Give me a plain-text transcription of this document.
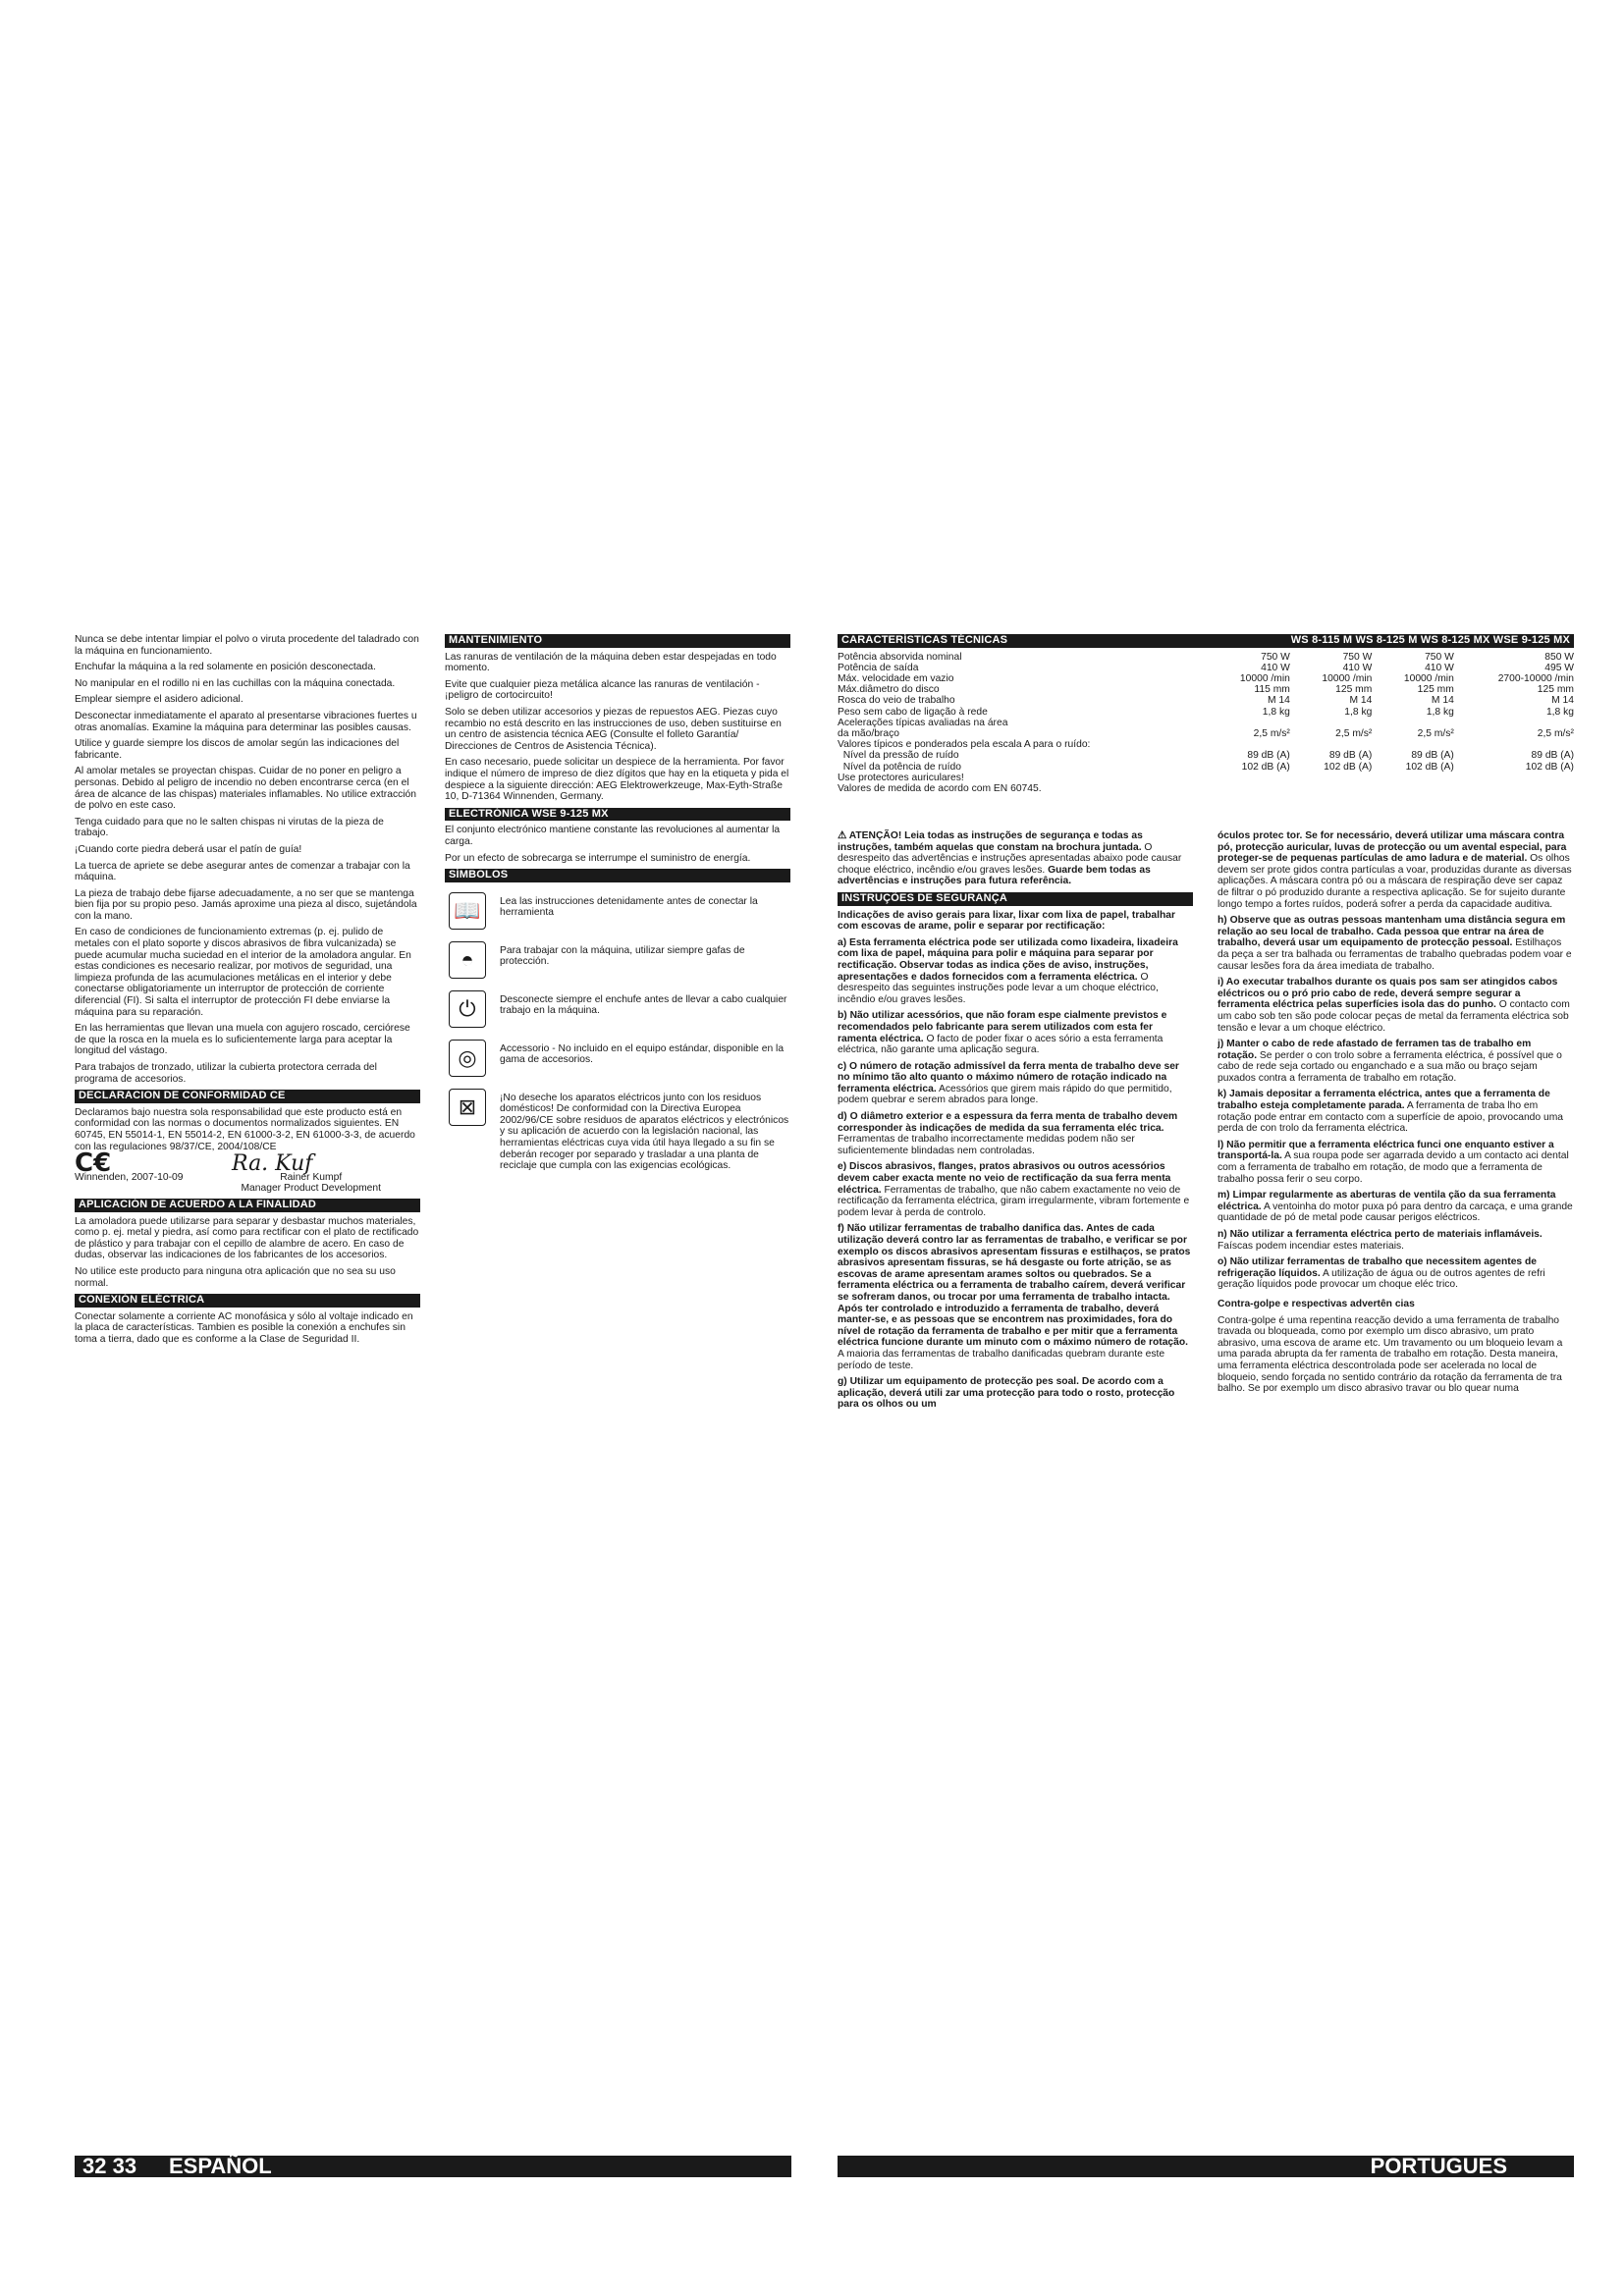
Nunca se debe intentar limpiar el polvo o viruta procedente del taladrado con la máquina en funcionamiento.

Enchufar la máquina a la red solamente en posición desconectada.

No manipular en el rodillo ni en las cuchillas con la máquina conectada.

Emplear siempre el asidero adicional.

Desconectar inmediatamente el aparato al presentarse vibraciones fuertes u otras anomalías. Examine la máquina para determinar las posibles causas.

Utilice y guarde siempre los discos de amolar según las indicaciones del fabricante.

Al amolar metales se proyectan chispas. Cuidar de no poner en peligro a personas. Debido al peligro de incendio no deben encontrarse cerca (en el área de alcance de las chispas) materiales inflamables. No utilice extracción de polvo en este caso.

Tenga cuidado para que no le salten chispas ni virutas de la pieza de trabajo.

¡Cuando corte piedra deberá usar el patín de guía!

La tuerca de apriete se debe asegurar antes de comenzar a trabajar con la máquina.

La pieza de trabajo debe fijarse adecuadamente, a no ser que se mantenga bien fija por su propio peso. Jamás aproxime una pieza al disco, sujetándola con la mano.

En caso de condiciones de funcionamiento extremas (p. ej. pulido de metales con el plato soporte y discos abrasivos de fibra vulcanizada) se puede acumular mucha suciedad en el interior de la amoladora angular. En estas condiciones es necesario realizar, por motivos de seguridad, una limpieza profunda de las acumulaciones metálicas en el interior y debe conectarse obligatoriamente un interruptor de protección de corriente diferencial (FI). Si salta el interruptor de protección FI debe enviarse la máquina para su reparación.

En las herramientas que llevan una muela con agujero roscado, cerciórese de que la rosca en la muela es lo suficientemente larga para aceptar la longitud del vástago.

Para trabajos de tronzado, utilizar la cubierta protectora cerrada del programa de accesorios.

DECLARACION DE CONFORMIDAD CE

Declaramos bajo nuestra sola responsabilidad que este producto está en conformidad con las normas o documentos normalizados siguientes. EN 60745, EN 55014-1, EN 55014-2, EN 61000-3-2, EN 61000-3-3, de acuerdo con las regulaciones 98/37/CE, 2004/108/CE

C€	Ra. Kuf
Winnenden, 2007-10-09	Rainer Kumpf
Manager Product Development
APLICACIÓN DE ACUERDO A LA FINALIDAD

La amoladora puede utilizarse para separar y desbastar muchos materiales, como p. ej. metal y piedra, así como para rectificar con el plato de rectificado de plástico y para trabajar con el cepillo de alambre de acero. En caso de dudas, observar las indicaciones de los fabricantes de los accesorios.

No utilice este producto para ninguna otra aplicación que no sea su uso normal.

CONEXIÓN ELÉCTRICA

Conectar solamente a corriente AC monofásica y sólo al voltaje indicado en la placa de características. Tambien es posible la conexión a enchufes sin toma a tierra, dado que es conforme a la Clase de Seguridad II.

MANTENIMIENTO

Las ranuras de ventilación de la máquina deben estar despejadas en todo momento.

Evite que cualquier pieza metálica alcance las ranuras de ventilación - ¡peligro de cortocircuito!

Solo se deben utilizar accesorios y piezas de repuestos AEG. Piezas cuyo recambio no está descrito en las instrucciones de uso, deben sustituirse en un centro de asistencia técnica AEG (Consulte el folleto Garantía/ Direcciones de Centros de Asistencia Técnica).

En caso necesario, puede solicitar un despiece de la herramienta. Por favor indique el número de impreso de diez dígitos que hay en la etiqueta y pida el despiece a la siguiente dirección: AEG Elektrowerkzeuge, Max-Eyth-Straße 10, D-71364 Winnenden, Germany.

ELECTRÓNICA WSE 9-125 MX

El conjunto electrónico mantiene constante las revoluciones al aumentar la carga.

Por un efecto de sobrecarga se interrumpe el suministro de energía.

SÍMBOLOS
📖	Lea las instrucciones detenidamente antes de conectar la herramienta
◓	Para trabajar con la máquina, utilizar siempre gafas de protección.
⏻	Desconecte siempre el enchufe antes de llevar a cabo cualquier trabajo en la máquina.
◎	Accessorio - No incluido en el equipo estándar, disponible en la gama de accesorios.
⊠	¡No deseche los aparatos eléctricos junto con los residuos domésticos! De conformidad con la Directiva Europea 2002/96/CE sobre residuos de aparatos eléctricos y electrónicos y su aplicación de acuerdo con la legislación nacional, las herramientas eléctricas cuya vida útil haya llegado a su fin se deberán recoger por separado y trasladar a una planta de reciclaje que cumpla con las exigencias ecológicas.
CARACTERÍSTICAS TÉCNICAS	WS 8-115 M WS 8-125 M WS 8-125 MX WSE 9-125 MX
Potência absorvida nominal	750 W	750 W	750 W	850 W
Potência de saída	410 W	410 W	410 W	495 W
Máx. velocidade em vazio	10000 /min	10000 /min	10000 /min	2700-10000 /min
Máx.diâmetro do disco	115 mm	125 mm	125 mm	125 mm
Rosca do veio de trabalho	M 14	M 14	M 14	M 14
Peso sem cabo de ligação à rede	1,8 kg	1,8 kg	1,8 kg	1,8 kg
Acelerações típicas avaliadas na área				
da mão/braço	2,5 m/s²	2,5 m/s²	2,5 m/s²	2,5 m/s²
Valores típicos e ponderados pela escala A para o ruído:				
Nível da pressão de ruído	89 dB (A)	89 dB (A)	89 dB (A)	89 dB (A)
Nível da potência de ruído	102 dB (A)	102 dB (A)	102 dB (A)	102 dB (A)
Use protectores auriculares!				
Valores de medida de acordo com EN 60745.				

⚠ ATENÇÃO! Leia todas as instruções de segurança e todas as instruções, também aquelas que constam na brochura juntada. O desrespeito das advertências e instruções apresentadas abaixo pode causar choque eléctrico, incêndio e/ou graves lesões. Guarde bem todas as advertências e instruções para futura referência.

INSTRUÇÕES DE SEGURANÇA

Indicações de aviso gerais para lixar, lixar com lixa de papel, trabalhar com escovas de arame, polir e separar por rectificação:

a) Esta ferramenta eléctrica pode ser utilizada como lixadeira, lixadeira com lixa de papel, máquina para polir e máquina para separar por rectificação. Observar todas as indica ções de aviso, instruções, apresentações e dados fornecidos com a ferramenta eléctrica. O desrespeito das seguintes instruções pode levar a um choque eléctrico, incêndio e/ou graves lesões.

b) Não utilizar acessórios, que não foram espe cialmente previstos e recomendados pelo fabricante para serem utilizados com esta fer ramenta eléctrica. O facto de poder fixar o aces sório a esta ferramenta eléctrica, não garante uma aplicação segura.

c) O número de rotação admissível da ferra menta de trabalho deve ser no mínimo tão alto quanto o máximo número de rotação indicado na ferramenta eléctrica. Acessórios que girem mais rápido do que permitido, podem quebrar e serem abrados para longe.

d) O diâmetro exterior e a espessura da ferra menta de trabalho devem corresponder às indicações de medida da sua ferramenta eléc trica. Ferramentas de trabalho incorrectamente medidas podem não ser suficientemente blindadas nem controladas.

e) Discos abrasivos, flanges, pratos abrasivos ou outros acessórios devem caber exacta mente no veio de rectificação da sua ferra menta eléctrica. Ferramentas de trabalho, que não cabem exactamente no veio de rectificação da ferramenta eléctrica, giram irregularmente, vibram fortemente e podem levar à perda de controlo.

f) Não utilizar ferramentas de trabalho danifica das. Antes de cada utilização deverá contro lar as ferramentas de trabalho, e verificar se por exemplo os discos abrasivos apresentam fissuras e estilhaços, se pratos abrasivos apresentam fissuras, se há desgaste ou forte atrição, se as escovas de arame apresentam arames soltos ou quebrados. Se a ferramenta eléctrica ou a ferramenta de trabalho caírem, deverá verificar se sofreram danos, ou trocar por uma ferramenta de trabalho intacta. Após ter controlado e introduzido a ferramenta de trabalho, deverá manter-se, e as pessoas que se encontrem nas proximidades, fora do nível de rotação da ferramenta de trabalho e per mitir que a ferramenta eléctrica funcione durante um minuto com o máximo número de rotação. A maioria das ferramentas de trabalho danificadas quebram durante este período de teste.

g) Utilizar um equipamento de protecção pes soal. De acordo com a aplicação, deverá utili zar uma protecção para todo o rosto, protecção para os olhos ou um

óculos protec tor. Se for necessário, deverá utilizar uma máscara contra pó, protecção auricular, luvas de protecção ou um avental especial, para proteger-se de pequenas partículas de amo ladura e de material. Os olhos devem ser prote gidos contra partículas a voar, produzidas durante as diversas aplicações. A máscara contra pó ou a máscara de respiração deve ser capaz de filtrar o pó produzido durante a respectiva aplicação. Se for sujeito durante longo tempo a fortes ruídos, poderá sofrer a perda da capacidade auditiva.

h) Observe que as outras pessoas mantenham uma distância segura em relação ao seu local de trabalho. Cada pessoa que entrar na área de trabalho, deverá usar um equipamento de protecção pessoal. Estilhaços da peça a ser tra balhada ou ferramentas de trabalho quebradas podem voar e causar lesões fora da área imediata de trabalho.

i) Ao executar trabalhos durante os quais pos sam ser atingidos cabos eléctricos ou o pró prio cabo de rede, deverá sempre segurar a ferramenta eléctrica pelas superfícies isola das do punho. O contacto com um cabo sob ten são pode colocar peças de metal da ferramenta eléctrica sob tensão e levar a um choque eléctrico.

j) Manter o cabo de rede afastado de ferramen tas de trabalho em rotação. Se perder o con trolo sobre a ferramenta eléctrica, é possível que o cabo de rede seja cortado ou enganchado e a sua mão ou braço sejam puxados contra a ferramenta de trabalho em rotação.

k) Jamais depositar a ferramenta eléctrica, antes que a ferramenta de trabalho esteja completamente parada. A ferramenta de traba lho em rotação pode entrar em contacto com a superfície de apoio, provocando uma perda de con trolo da ferramenta eléctrica.

l) Não permitir que a ferramenta eléctrica funci one enquanto estiver a transportá-la. A sua roupa pode ser agarrada devido a um contacto aci dental com a ferramenta de trabalho em rotação, de modo que a ferramenta de trabalho possa ferir o seu corpo.

m) Limpar regularmente as aberturas de ventila ção da sua ferramenta eléctrica. A ventoinha do motor puxa pó para dentro da carcaça, e uma grande quantidade de pó de metal pode causar perigos eléctricos.

n) Não utilizar a ferramenta eléctrica perto de materiais inflamáveis. Faíscas podem incendiar estes materiais.

o) Não utilizar ferramentas de trabalho que necessitem agentes de refrigeração líquidos. A utilização de água ou de outros agentes de refri geração líquidos pode provocar um choque eléc trico.

Contra-golpe e respectivas advertên cias

Contra-golpe é uma repentina reacção devido a uma ferramenta de trabalho travada ou bloqueada, como por exemplo um disco abrasivo, um prato abrasivo, uma escova de arame etc. Um travamento ou um bloqueio levam a uma parada abrupta da fer ramenta de trabalho em rotação. Desta maneira, uma ferramenta eléctrica descontrolada pode ser acelerada no local de bloqueio, sendo forçada no sentido contrário da rotação da ferramenta de tra balho. Se por exemplo um disco abrasivo travar ou blo quear numa

32 33 ESPAÑOL	PORTUGUES
